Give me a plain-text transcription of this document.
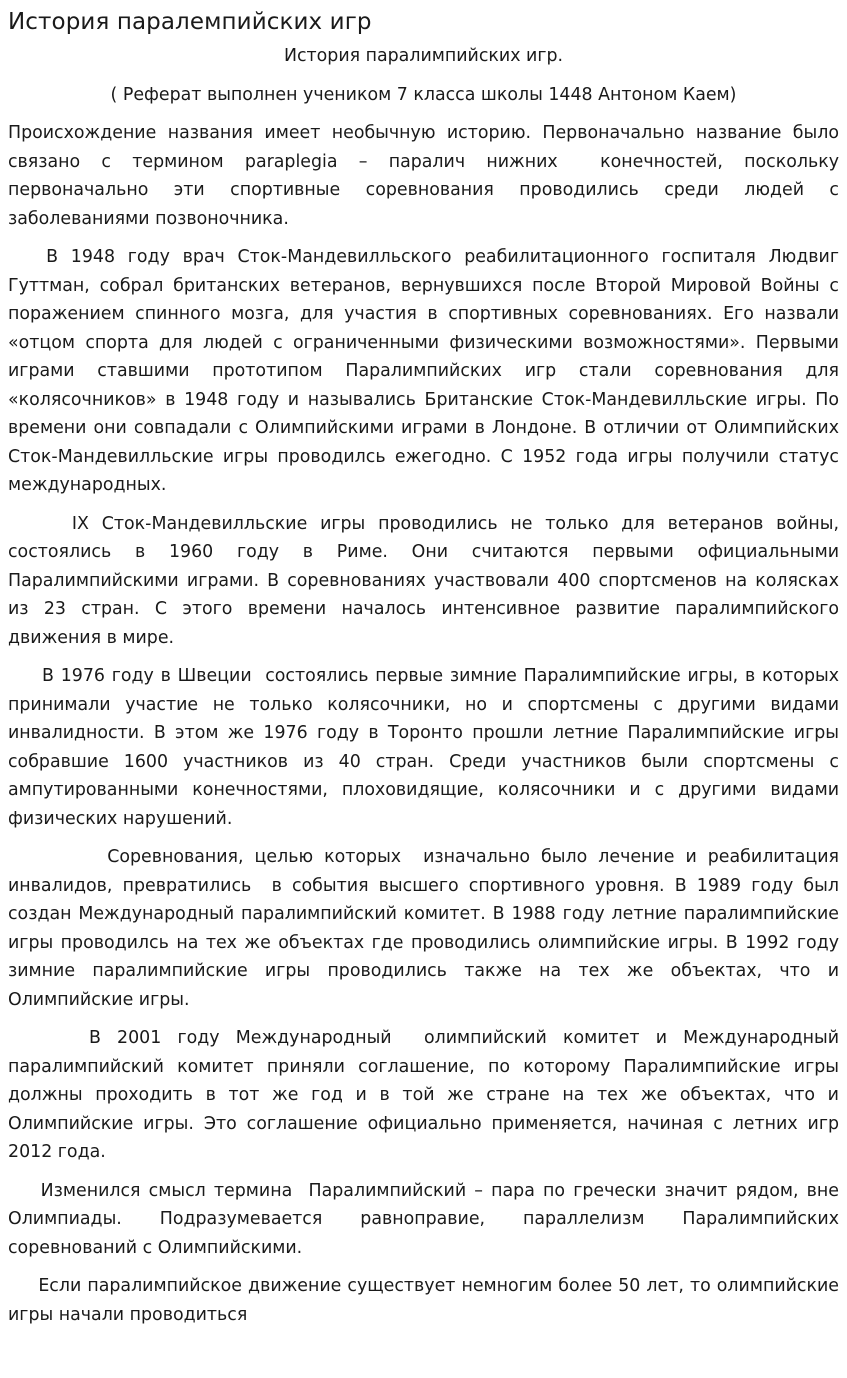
История паралемпийских игр
История паралимпийских игр.
( Реферат выполнен учеником 7 класса школы 1448 Антоном Каем)

Происхождение названия имеет необычную историю. Первоначально название было связано с термином paraplegia – паралич нижних  конечностей, поскольку первоначально эти спортивные соревнования проводились среди людей с заболеваниями позвоночника.

В 1948 году врач Сток-Мандевилльского реабилитационного госпиталя Людвиг Гуттман, собрал британских ветеранов, вернувшихся после Второй Мировой Войны с поражением спинного мозга, для участия в спортивных соревнованиях. Его назвали «отцом спорта для людей с ограниченными физическими возможностями». Первыми играми ставшими прототипом Паралимпийских игр стали соревнования для «колясочников» в 1948 году и назывались Британские Сток-Мандевилльские игры. По времени они совпадали с Олимпийскими играми в Лондоне. В отличии от Олимпийских Сток-Мандевилльские игры проводилсь ежегодно. С 1952 года игры получили статус международных.

IX Сток-Мандевилльские игры проводились не только для ветеранов войны, состоялись в 1960 году в Риме. Они считаются первыми официальными Паралимпийскими играми. В соревнованиях участвовали 400 спортсменов на колясках из 23 стран. С этого времени началось интенсивное развитие паралимпийского движения в мире.

В 1976 году в Швеции  состоялись первые зимние Паралимпийские игры, в которых принимали участие не только колясочники, но и спортсмены с другими видами инвалидности. В этом же 1976 году в Торонто прошли летние Паралимпийские игры собравшие 1600 участников из 40 стран. Среди участников были спортсмены с ампутированными конечностями, плоховидящие, колясочники и с другими видами физических нарушений.

Соревнования, целью которых  изначально было лечение и реабилитация инвалидов, превратились  в события высшего спортивного уровня. В 1989 году был создан Международный паралимпийский комитет. В 1988 году летние паралимпийские игры проводилсь на тех же объектах где проводились олимпийские игры. В 1992 году зимние паралимпийские игры проводились также на тех же объектах, что и Олимпийские игры.

В 2001 году Международный  олимпийский комитет и Международный паралимпийский комитет приняли соглашение, по которому Паралимпийские игры должны проходить в тот же год и в той же стране на тех же объектах, что и Олимпийские игры. Это соглашение официально применяется, начиная с летних игр 2012 года.

Изменился смысл термина  Паралимпийский – пара по гречески значит рядом, вне Олимпиады. Подразумевается равноправие, параллелизм Паралимпийских соревнований с Олимпийскими.

Если паралимпийское движение существует немногим более 50 лет, то олимпийские игры начали проводиться
